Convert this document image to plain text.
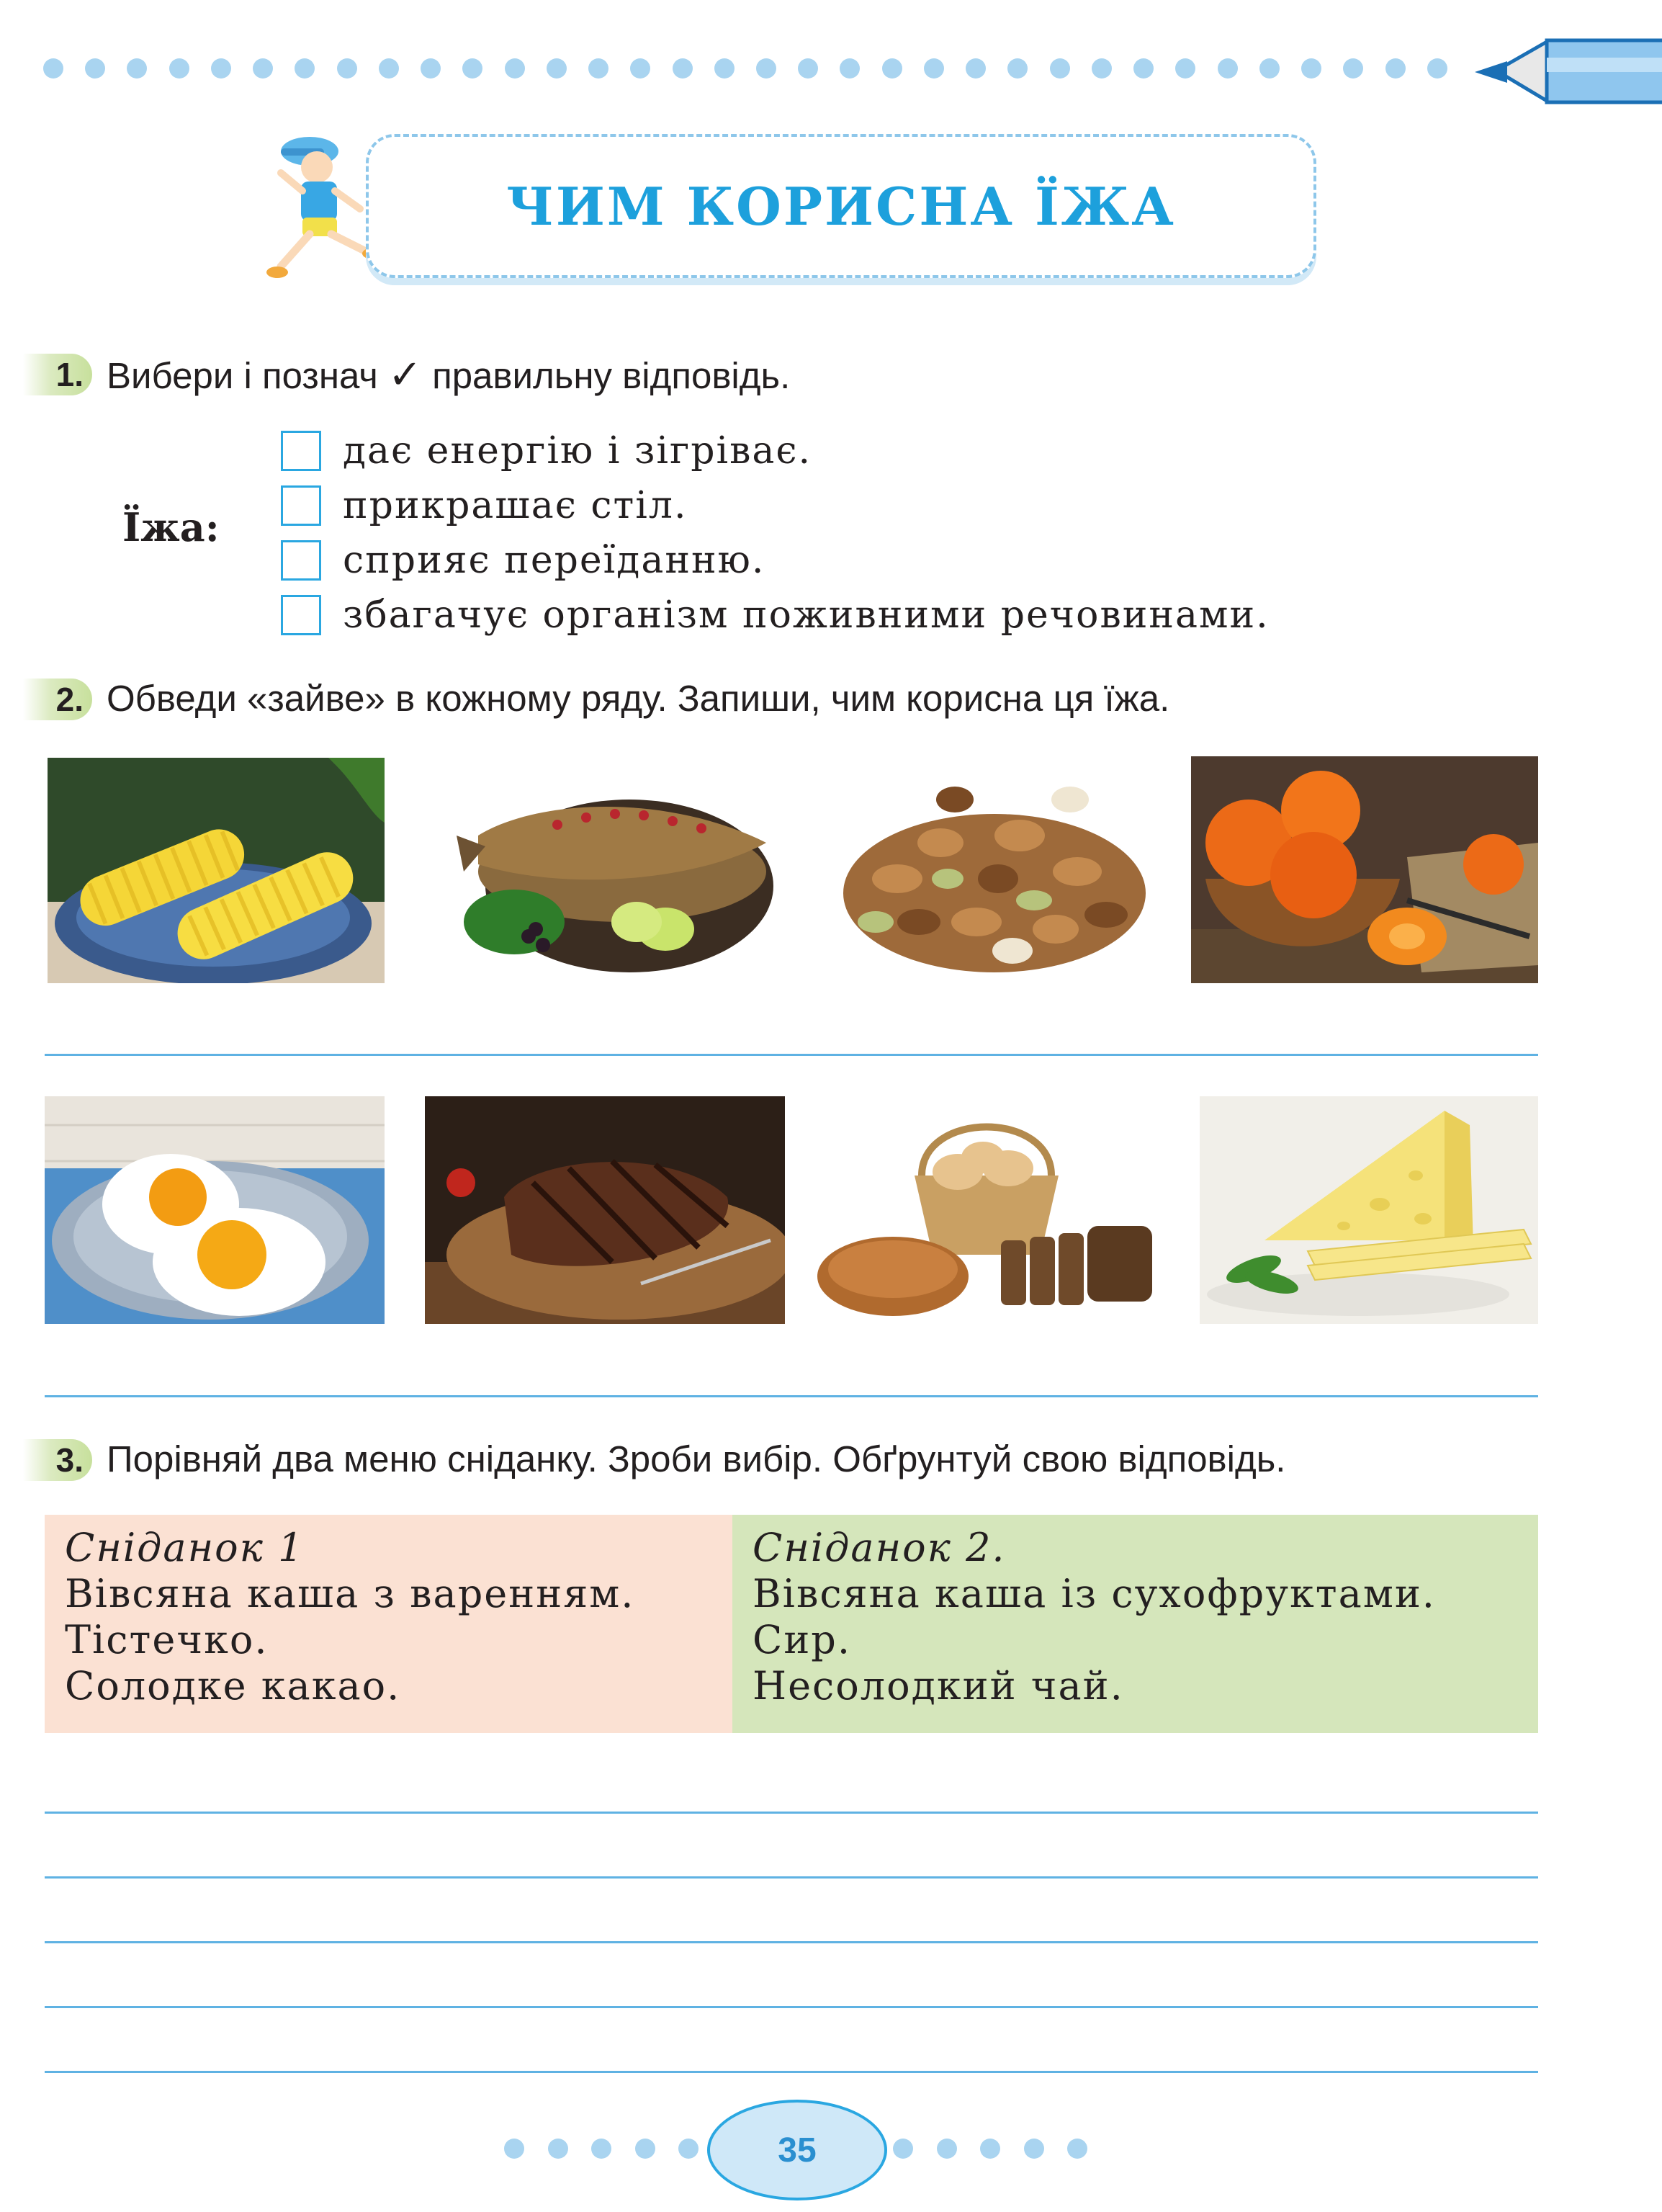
ЧИМ КОРИСНА ЇЖА
1. Вибери і познач ✓ правильну відповідь.
Їжа:
дає енергію і зігріває.
прикрашає стіл.
сприяє переїданню.
збагачує організм поживними речовинами.
2. Обведи «зайве» в кожному ряду. Запиши, чим корисна ця їжа.
3. Порівняй два меню сніданку. Зроби вибір. Обґрунтуй свою відповідь.
Сніданок 1
Вівсяна каша з варенням.
Тістечко.
Солодке какао.
Сніданок 2.
Вівсяна каша із сухофруктами.
Сир.
Несолодкий чай.
35
